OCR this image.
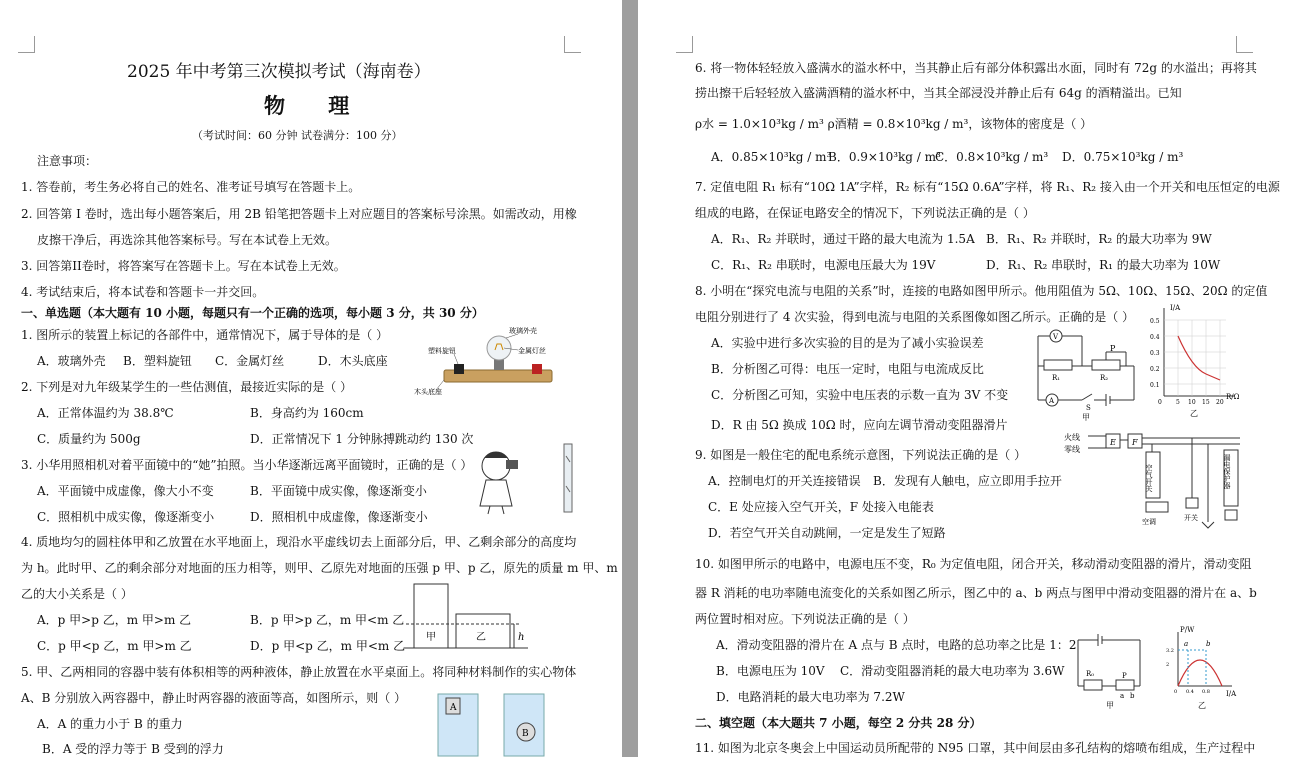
2025 年中考第三次模拟考试（海南卷）
物 理
（考试时间：60 分钟 试卷满分：100 分）
注意事项：
1. 答卷前，考生务必将自己的姓名、准考证号填写在答题卡上。
2. 回答第 I 卷时，选出每小题答案后，用 2B 铅笔把答题卡上对应题目的答案标号涂黑。如需改动，用橡
皮擦干净后，再选涂其他答案标号。写在本试卷上无效。
3. 回答第II卷时，将答案写在答题卡上。写在本试卷上无效。
4. 考试结束后，将本试卷和答题卡一并交回。
一、单选题（本大题有 10 小题，每题只有一个正确的选项，每小题 3 分，共 30 分）
1. 图所示的装置上标记的各部件中，通常情况下，属于导体的是（ ）
A．玻璃外壳 B．塑料旋钮 C．金属灯丝	D．木头底座
玻璃外壳
塑料旋钮	金属灯丝
木头底座
2. 下列是对九年级某学生的一些估测值，最接近实际的是（ ）
A．正常体温约为 38.8℃	B．身高约为 160cm
C．质量约为 500g	D．正常情况下 1 分钟脉搏跳动约 130 次
3. 小华用照相机对着平面镜中的“她”拍照。当小华逐渐远离平面镜时，正确的是（ ）
A．平面镜中成虚像，像大小不变	B．平面镜中成实像，像逐渐变小
C．照相机中成实像，像逐渐变小	D．照相机中成虚像，像逐渐变小
4. 质地均匀的圆柱体甲和乙放置在水平地面上，现沿水平虚线切去上面部分后，甲、乙剩余部分的高度均
为 h。此时甲、乙的剩余部分对地面的压力相等，则甲、乙原先对地面的压强 p 甲、p 乙，原先的质量 m 甲、m
乙的大小关系是（ ）
A．p 甲>p 乙，m 甲>m 乙	B．p 甲>p 乙，m 甲<m 乙
C．p 甲<p 乙，m 甲>m 乙	D．p 甲<p 乙，m 甲<m 乙
甲	乙	h
5. 甲、乙两相同的容器中装有体积相等的两种液体，静止放置在水平桌面上。将同种材料制作的实心物体
A、B 分别放入两容器中，静止时两容器的液面等高，如图所示，则（ ）
A．A 的重力小于 B 的重力
B．A 受的浮力等于 B 受到的浮力
A
B
6. 将一物体轻轻放入盛满水的溢水杯中，当其静止后有部分体积露出水面，同时有 72g 的水溢出；再将其
捞出擦干后轻轻放入盛满酒精的溢水杯中，当其全部浸没并静止后有 64g 的酒精溢出。已知
ρ水 = 1.0×10³kg / m³ ρ酒精 = 0.8×10³kg / m³，该物体的密度是（ ）
A．0.85×10³kg / m³
B．0.9×10³kg / m³
C．0.8×10³kg / m³ D．0.75×10³kg / m³
7. 定值电阻 R₁ 标有“10Ω 1A”字样，R₂ 标有“15Ω 0.6A”字样，将 R₁、R₂ 接入由一个开关和电压恒定的电源
组成的电路，在保证电路安全的情况下，下列说法正确的是（ ）
A．R₁、R₂ 并联时，通过干路的最大电流为 1.5A B．R₁、R₂ 并联时，R₂ 的最大功率为 9W
C．R₁、R₂ 串联时，电源电压最大为 19V	D．R₁、R₂ 串联时，R₁ 的最大功率为 10W
8. 小明在“探究电流与电阻的关系”时，连接的电路如图甲所示。他用阻值为 5Ω、10Ω、15Ω、20Ω 的定值
电阻分别进行了 4 次实验，得到电流与电阻的关系图像如图乙所示。正确的是（ ）
A．实验中进行多次实验的目的是为了减小实验误差
B．分析图乙可得：电压一定时，电阻与电流成反比
C．分析图乙可知，实验中电压表的示数一直为 3V 不变
D．R 由 5Ω 换成 10Ω 时，应向左调节滑动变阻器滑片
V
P
R₁	R₂
A
S
甲
I/A
R/Ω
0.5
0.4
0.3
0.2
0.1
0 5 10 15 20
乙
9. 如图是一般住宅的配电系统示意图，下列说法正确的是（ ）
A．控制电灯的开关连接错误 B．发现有人触电，应立即用手拉开
C．E 处应接入空气开关，F 处接入电能表
D．若空气开关自动跳闸，一定是发生了短路
火线
零线
E F
空气开关	漏电保护器
空调	开关
10. 如图甲所示的电路中，电源电压不变，R₀ 为定值电阻，闭合开关，移动滑动变阻器的滑片，滑动变阻
器 R 消耗的电功率随电流变化的关系如图乙所示，图乙中的 a、b 两点与图甲中滑动变阻器的滑片在 a、b
两位置时相对应。下列说法正确的是（ ）
A．滑动变阻器的滑片在 A 点与 B 点时，电路的总功率之比是 1：2
B．电源电压为 10V C．滑动变阻器消耗的最大电功率为 3.6W
D．电路消耗的最大电功率为 7.2W
R₀	P
a b
甲
P/W
I/A
3.2
2
0 0.4 0.8
a	b
乙
二、填空题（本大题共 7 小题，每空 2 分共 28 分）
11. 如图为北京冬奥会上中国运动员所配带的 N95 口罩，其中间层由多孔结构的熔喷布组成，生产过程中
